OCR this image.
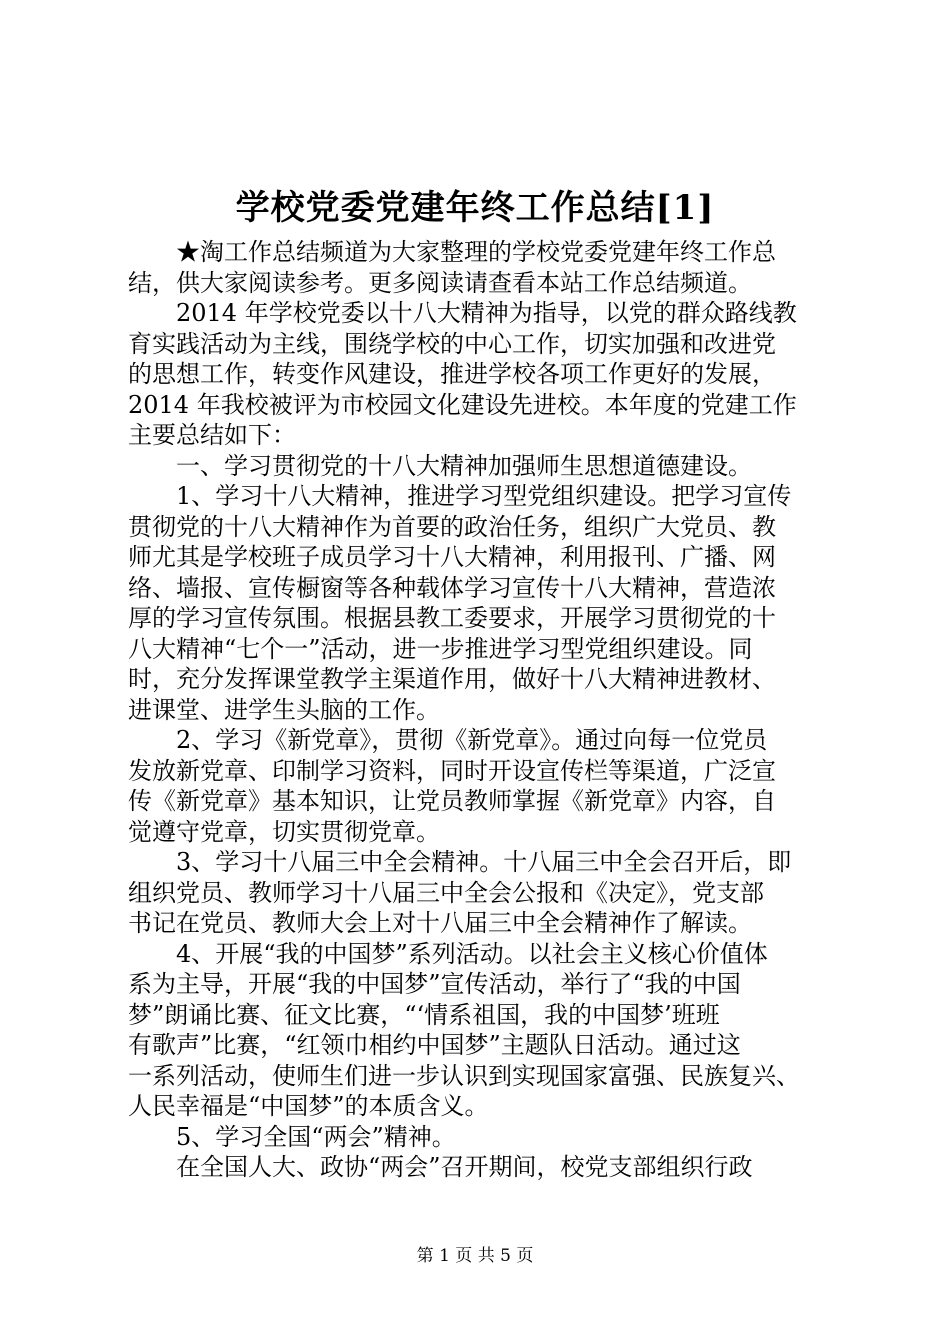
学校党委党建年终工作总结[1]
　　★淘工作总结频道为大家整理的学校党委党建年终工作总
结，供大家阅读参考。更多阅读请查看本站工作总结频道。
　　2014 年学校党委以十八大精神为指导，以党的群众路线教
育实践活动为主线，围绕学校的中心工作，切实加强和改进党
的思想工作，转变作风建设，推进学校各项工作更好的发展，
2014 年我校被评为市校园文化建设先进校。本年度的党建工作
主要总结如下：
　　一、学习贯彻党的十八大精神加强师生思想道德建设。
　　1、学习十八大精神，推进学习型党组织建设。把学习宣传
贯彻党的十八大精神作为首要的政治任务，组织广大党员、教
师尤其是学校班子成员学习十八大精神，利用报刊、广播、网
络、墙报、宣传橱窗等各种载体学习宣传十八大精神，营造浓
厚的学习宣传氛围。根据县教工委要求，开展学习贯彻党的十
八大精神“七个一”活动，进一步推进学习型党组织建设。同
时，充分发挥课堂教学主渠道作用，做好十八大精神进教材、
进课堂、进学生头脑的工作。
　　2、学习《新党章》，贯彻《新党章》。通过向每一位党员
发放新党章、印制学习资料，同时开设宣传栏等渠道，广泛宣
传《新党章》基本知识，让党员教师掌握《新党章》内容，自
觉遵守党章，切实贯彻党章。
　　3、学习十八届三中全会精神。十八届三中全会召开后，即
组织党员、教师学习十八届三中全会公报和《决定》，党支部
书记在党员、教师大会上对十八届三中全会精神作了解读。
　　4、开展“我的中国梦”系列活动。以社会主义核心价值体
系为主导，开展“我的中国梦”宣传活动，举行了“我的中国
梦”朗诵比赛、征文比赛，“‘情系祖国，我的中国梦’班班
有歌声”比赛，“红领巾相约中国梦”主题队日活动。通过这
一系列活动，使师生们进一步认识到实现国家富强、民族复兴、
人民幸福是“中国梦”的本质含义。
　　5、学习全国“两会”精神。
　　在全国人大、政协“两会”召开期间，校党支部组织行政
第 1 页 共 5 页
